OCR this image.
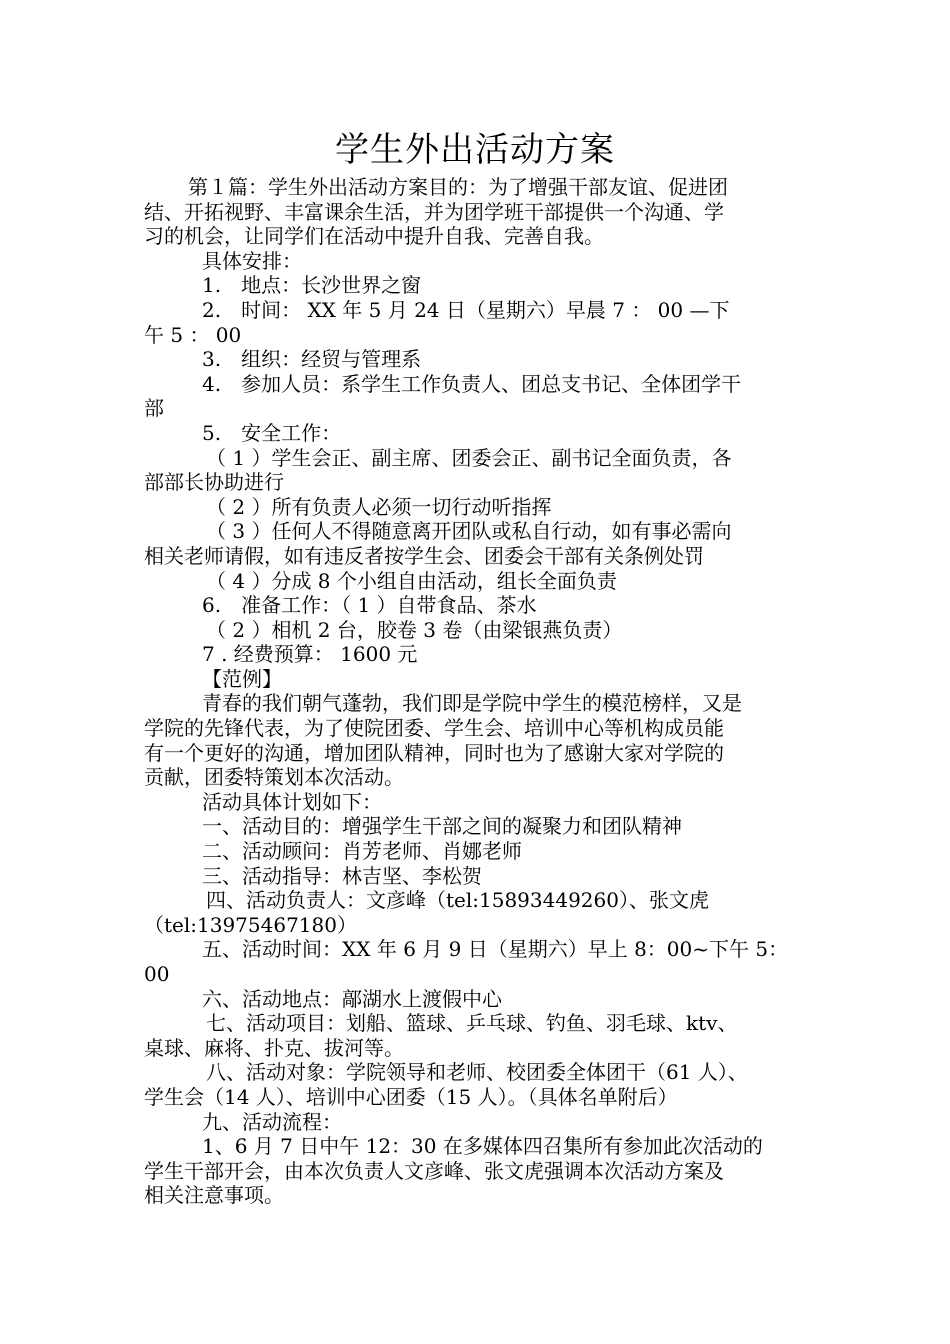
学生外出活动方案
第１篇：学生外出活动方案目的：为了增强干部友谊、促进团
结、开拓视野、丰富课余生活，并为团学班干部提供一个沟通、学
习的机会，让同学们在活动中提升自我、完善自我。
具体安排：
1.　地点：长沙世界之窗
2.　时间： XX 年 5 月 24 日（星期六）早晨 7 ： 00 —下
午 5 ： 00
3.　组织：经贸与管理系
4.　参加人员：系学生工作负责人、团总支书记、全体团学干
部
5.　安全工作：
（ 1 ）学生会正、副主席、团委会正、副书记全面负责，各
部部长协助进行
（ 2 ）所有负责人必须一切行动听指挥
（ 3 ）任何人不得随意离开团队或私自行动，如有事必需向
相关老师请假，如有违反者按学生会、团委会干部有关条例处罚
（ 4 ）分成 8 个小组自由活动，组长全面负责
6.　准备工作：（ 1 ）自带食品、茶水
（ 2 ）相机 2 台，胶卷 3 卷（由梁银燕负责）
7 . 经费预算： 1600 元
【范例】
青春的我们朝气蓬勃，我们即是学院中学生的模范榜样，又是
学院的先锋代表，为了使院团委、学生会、培训中心等机构成员能
有一个更好的沟通，增加团队精神，同时也为了感谢大家对学院的
贡献，团委特策划本次活动。
活动具体计划如下：
一、活动目的：增强学生干部之间的凝聚力和团队精神
二、活动顾问：肖芳老师、肖娜老师
三、活动指导：林吉坚、李松贺
四、活动负责人：文彦峰（tel:15893449260）、张文虎
（tel:13975467180）
五、活动时间：XX 年 6 月 9 日（星期六）早上 8：00~下午 5：
00
六、活动地点：鄗湖水上渡假中心
七、活动项目：划船、篮球、乒乓球、钓鱼、羽毛球、ktv、
桌球、麻将、扑克、拔河等。
八、活动对象：学院领导和老师、校团委全体团干（61 人）、
学生会（14 人）、培训中心团委（15 人）。（具体名单附后）
九、活动流程：
1、6 月 7 日中午 12：30 在多媒体四召集所有参加此次活动的
学生干部开会，由本次负责人文彦峰、张文虎强调本次活动方案及
相关注意事项。
